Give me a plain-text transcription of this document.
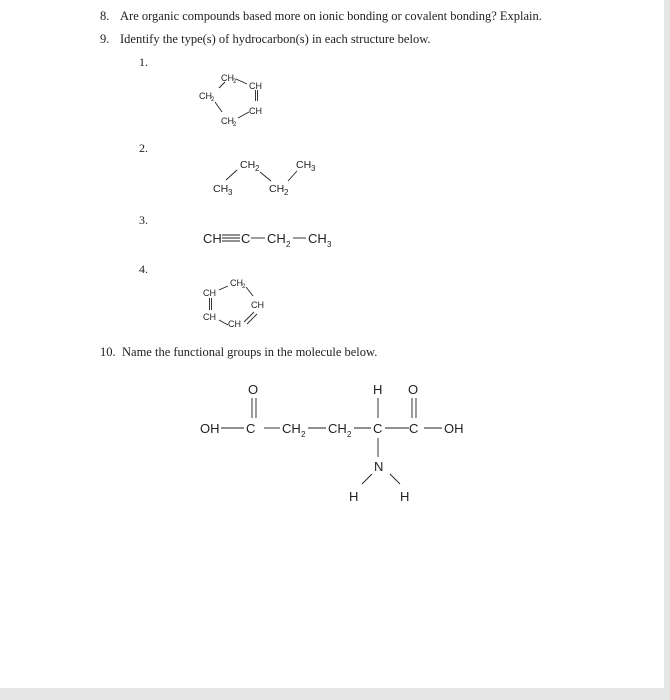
8. Are organic compounds based more on ionic bonding or covalent bonding? Explain.
9. Identify the type(s) of hydrocarbon(s) in each structure below.
1.
2.
3.
4.
10. Name the functional groups in the molecule below.
CH 2 CH
CH 2
CH
CH 2
CH 2	CH 3
CH 3	CH 2
CH C CH 2 CH 3
CH 2
CH
CH
CH
CH
O	H O
OH C CH 2 CH 2 C C OH
N
H	H
